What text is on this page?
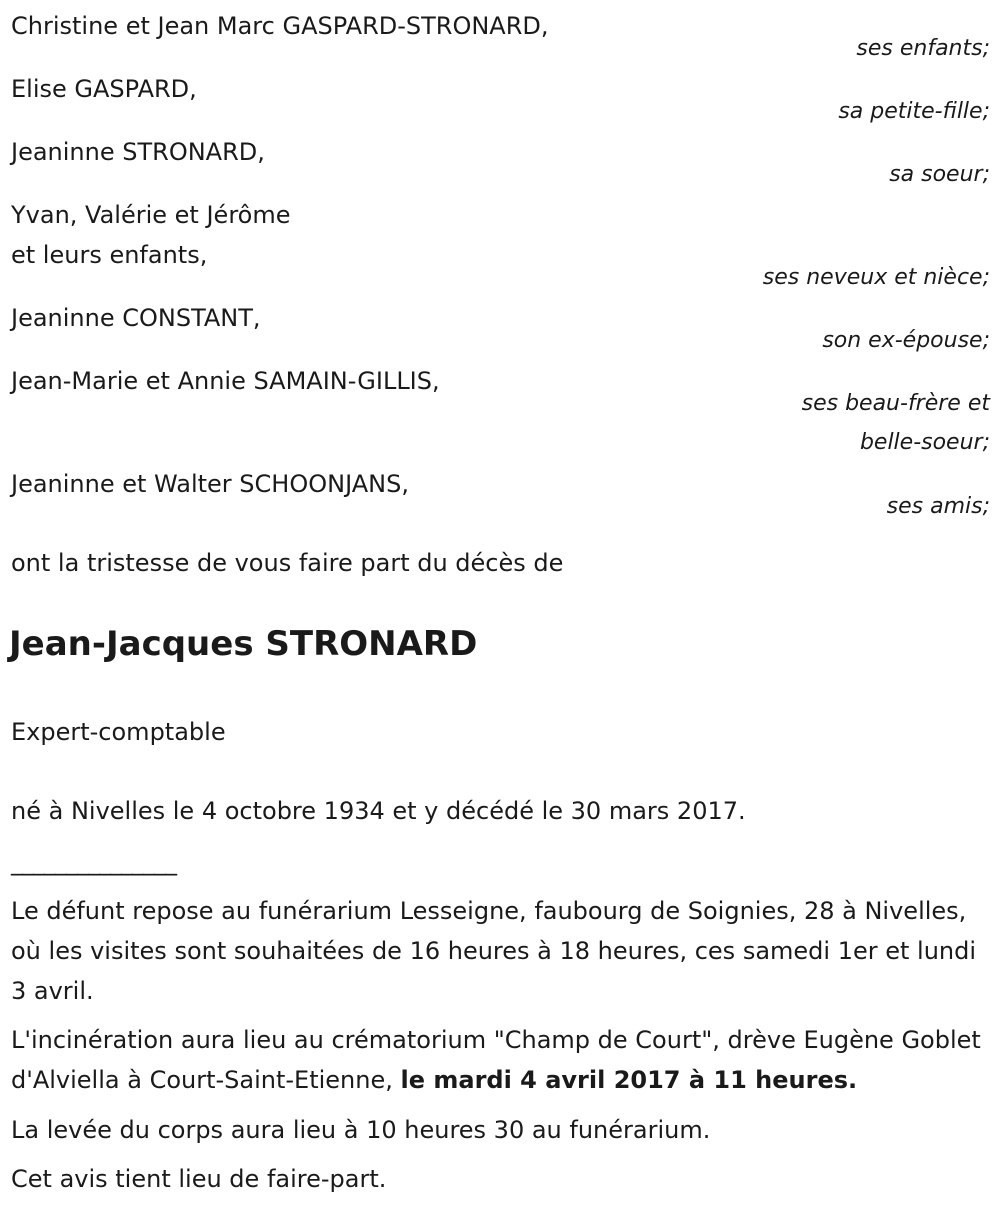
Christine et Jean Marc GASPARD-STRONARD,
ses enfants;
Elise GASPARD,
sa petite-fille;
Jeaninne STRONARD,
sa soeur;
Yvan, Valérie et Jérôme
et leurs enfants,
ses neveux et nièce;
Jeaninne CONSTANT,
son ex-épouse;
Jean-Marie et Annie SAMAIN-GILLIS,
ses beau-frère et
belle-soeur;
Jeaninne et Walter SCHOONJANS,
ses amis;
ont la tristesse de vous faire part du décès de
Jean-Jacques STRONARD
Expert-comptable
né à Nivelles le 4 octobre 1934 et y décédé le 30 mars 2017.
_______________
Le défunt repose au funérarium Lesseigne, faubourg de Soignies, 28 à Nivelles, où les visites sont souhaitées de 16 heures à 18 heures, ces samedi 1er et lundi 3 avril.
L'incinération aura lieu au crématorium "Champ de Court", drève Eugène Goblet d'Alviella à Court-Saint-Etienne, le mardi 4 avril 2017 à 11 heures.
La levée du corps aura lieu à 10 heures 30 au funérarium.
Cet avis tient lieu de faire-part.
